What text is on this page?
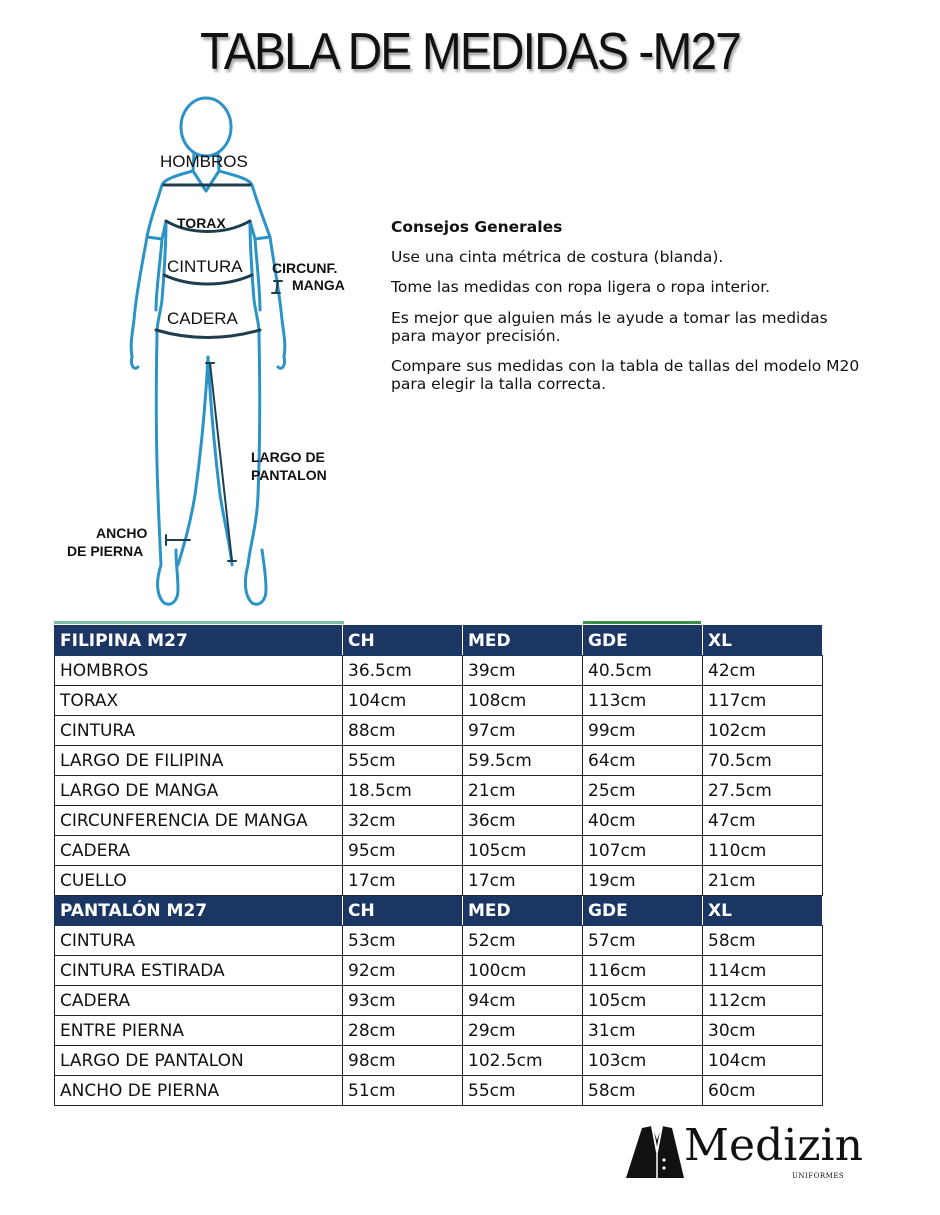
TABLA DE MEDIDAS -M27
HOMBROS
TORAX
CINTURA CIRCUNF.
MANGA
CADERA
LARGO DE
PANTALON
ANCHO
DE PIERNA
Consejos Generales

Use una cinta métrica de costura (blanda).

Tome las medidas con ropa ligera o ropa interior.

Es mejor que alguien más le ayude a tomar las medidas para mayor precisión.

Compare sus medidas con la tabla de tallas del modelo M20 para elegir la talla correcta.

FILIPINA M27	CH	MED	GDE	XL
HOMBROS	36.5cm	39cm	40.5cm	42cm
TORAX	104cm	108cm	113cm	117cm
CINTURA	88cm	97cm	99cm	102cm
LARGO DE FILIPINA	55cm	59.5cm	64cm	70.5cm
LARGO DE MANGA	18.5cm	21cm	25cm	27.5cm
CIRCUNFERENCIA DE MANGA	32cm	36cm	40cm	47cm
CADERA	95cm	105cm	107cm	110cm
CUELLO	17cm	17cm	19cm	21cm
PANTALÓN M27	CH	MED	GDE	XL
CINTURA	53cm	52cm	57cm	58cm
CINTURA ESTIRADA	92cm	100cm	116cm	114cm
CADERA	93cm	94cm	105cm	112cm
ENTRE PIERNA	28cm	29cm	31cm	30cm
LARGO DE PANTALON	98cm	102.5cm	103cm	104cm
ANCHO DE PIERNA	51cm	55cm	58cm	60cm
Medizin
UNIFORMES
